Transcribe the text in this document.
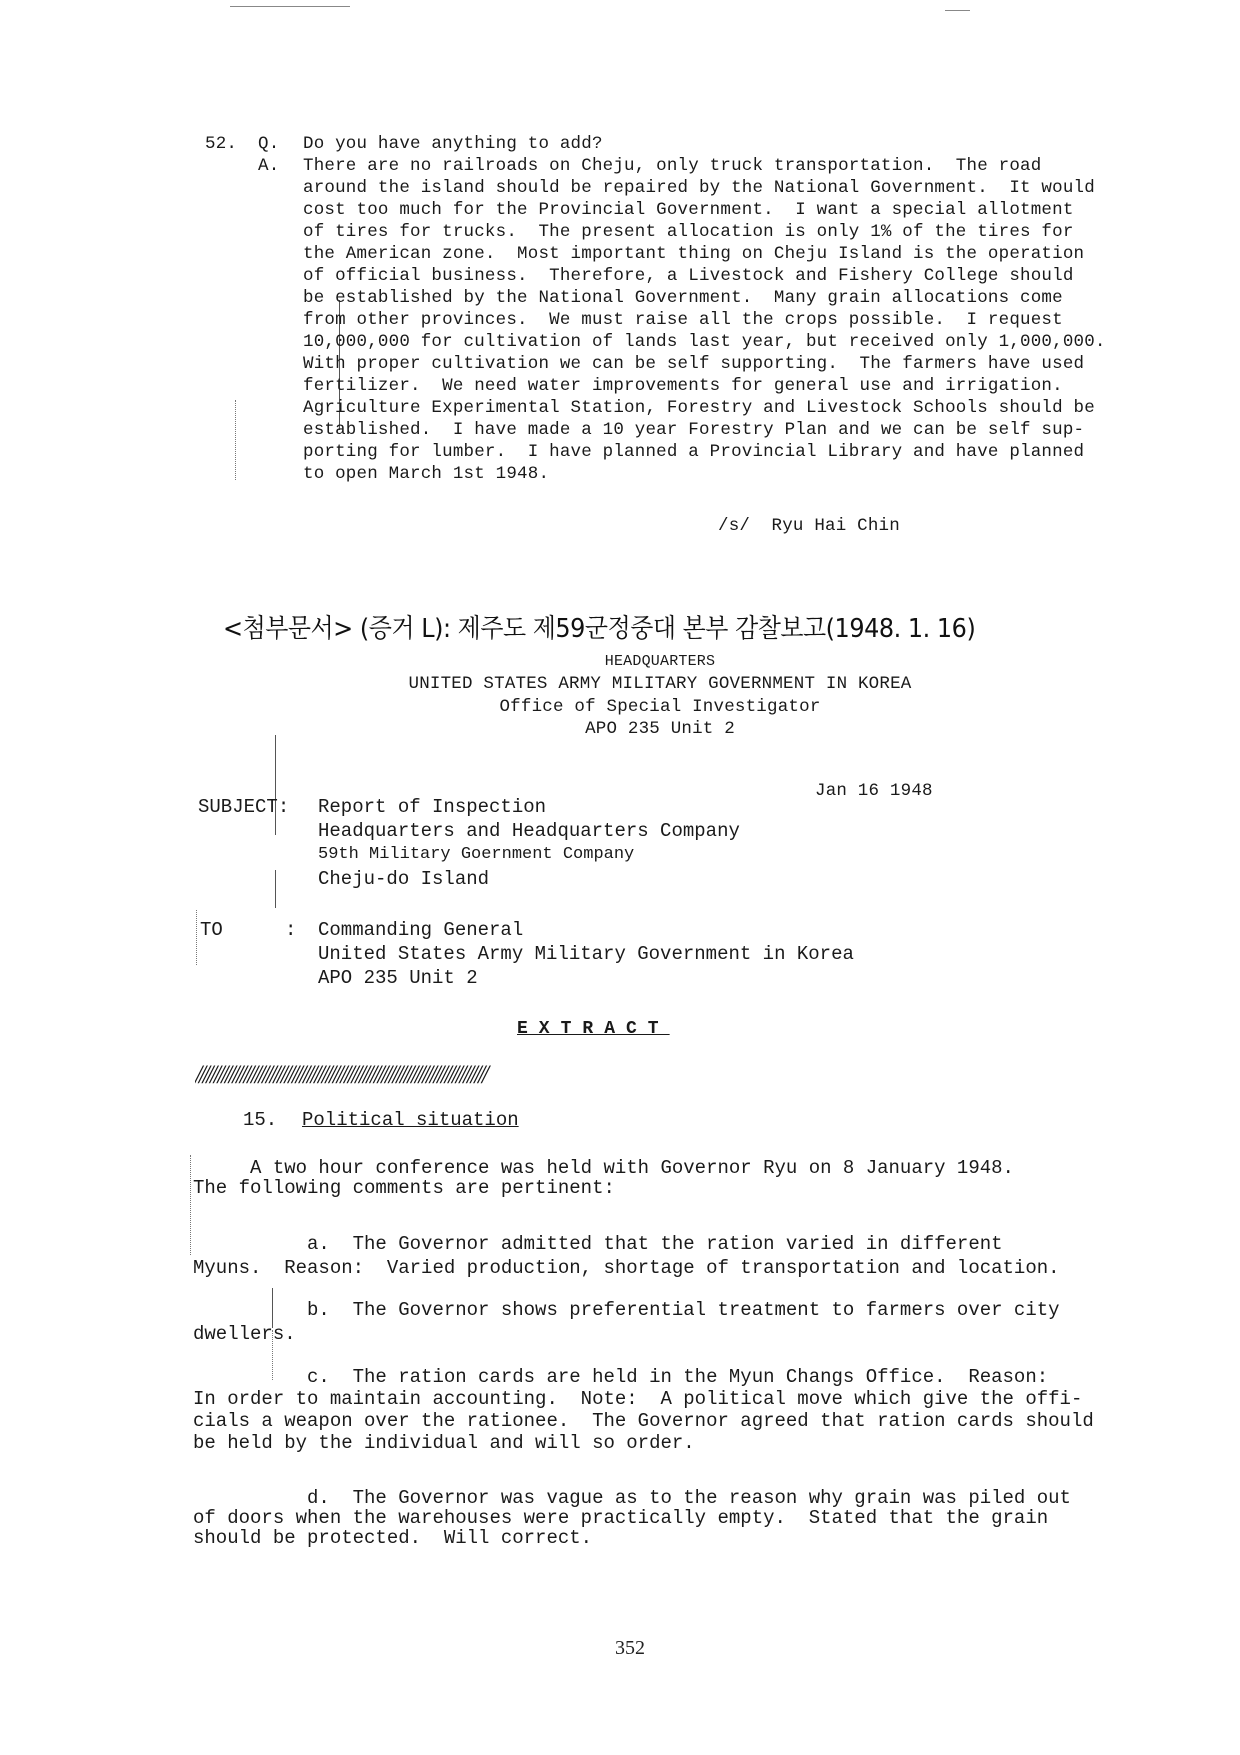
52. Q. Do you have anything to add?
A. There are no railroads on Cheju, only truck transportation.  The road
around the island should be repaired by the National Government.  It would
cost too much for the Provincial Government.  I want a special allotment
of tires for trucks.  The present allocation is only 1% of the tires for
the American zone.  Most important thing on Cheju Island is the operation
of official business.  Therefore, a Livestock and Fishery College should
be established by the National Government.  Many grain allocations come
from other provinces.  We must raise all the crops possible.  I request
10,000,000 for cultivation of lands last year, but received only 1,000,000.
With proper cultivation we can be self supporting.  The farmers have used
fertilizer.  We need water improvements for general use and irrigation.
Agriculture Experimental Station, Forestry and Livestock Schools should be
established.  I have made a 10 year Forestry Plan and we can be self sup-
porting for lumber.  I have planned a Provincial Library and have planned
to open March 1st 1948.
/s/  Ryu Hai Chin
<첨부문서> (증거 L): 제주도 제59군정중대 본부 감찰보고(1948. 1. 16)
HEADQUARTERS
UNITED STATES ARMY MILITARY GOVERNMENT IN KOREA
Office of Special Investigator
APO 235 Unit 2
Jan 16 1948
SUBJECT: Report of Inspection
Headquarters and Headquarters Company
59th Military Goernment Company
Cheju-do Island
TO	: Commanding General
United States Army Military Government in Korea
APO 235 Unit 2
EXTRACT
//////////////////////////////////////////////////////////////////////////////
15. Political situation
A two hour conference was held with Governor Ryu on 8 January 1948.
The following comments are pertinent:
a.  The Governor admitted that the ration varied in different
Myuns.  Reason:  Varied production, shortage of transportation and location.
b.  The Governor shows preferential treatment to farmers over city
dwellers.
c.  The ration cards are held in the Myun Changs Office.  Reason:
In order to maintain accounting.  Note:  A political move which give the offi-
cials a weapon over the rationee.  The Governor agreed that ration cards should
be held by the individual and will so order.
d.  The Governor was vague as to the reason why grain was piled out
of doors when the warehouses were practically empty.  Stated that the grain
should be protected.  Will correct.
352
